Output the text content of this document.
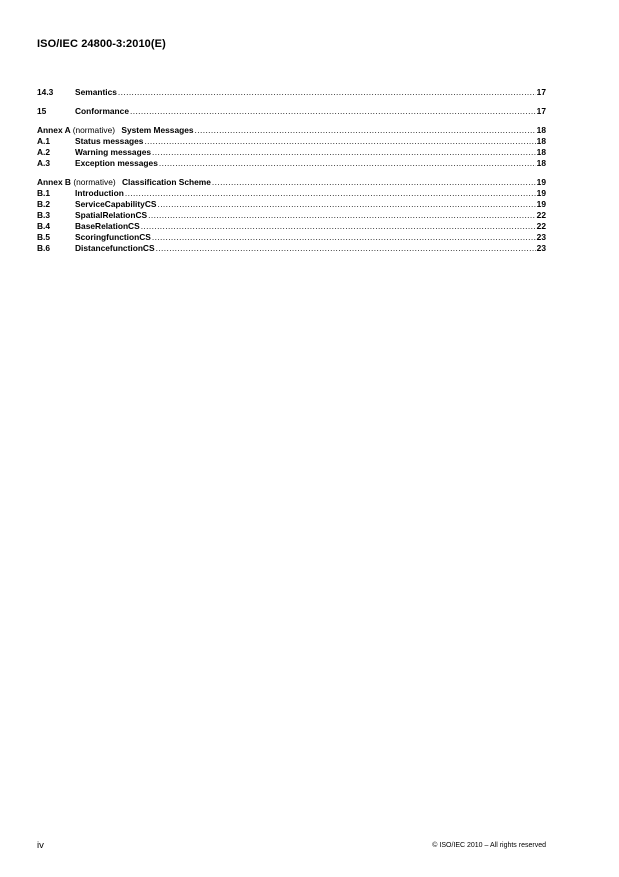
ISO/IEC 24800-3:2010(E)
14.3	Semantics .....	17
15	Conformance .....	17
Annex A (normative) System Messages .....	18
A.1	Status messages .....	18
A.2	Warning messages .....	18
A.3	Exception messages .....	18
Annex B (normative) Classification Scheme .....	19
B.1	Introduction .....	19
B.2	ServiceCapabilityCS .....	19
B.3	SpatialRelationCS .....	22
B.4	BaseRelationCS .....	22
B.5	ScoringfunctionCS .....	23
B.6	DistancefunctionCS .....	23
iv	© ISO/IEC 2010 – All rights reserved
